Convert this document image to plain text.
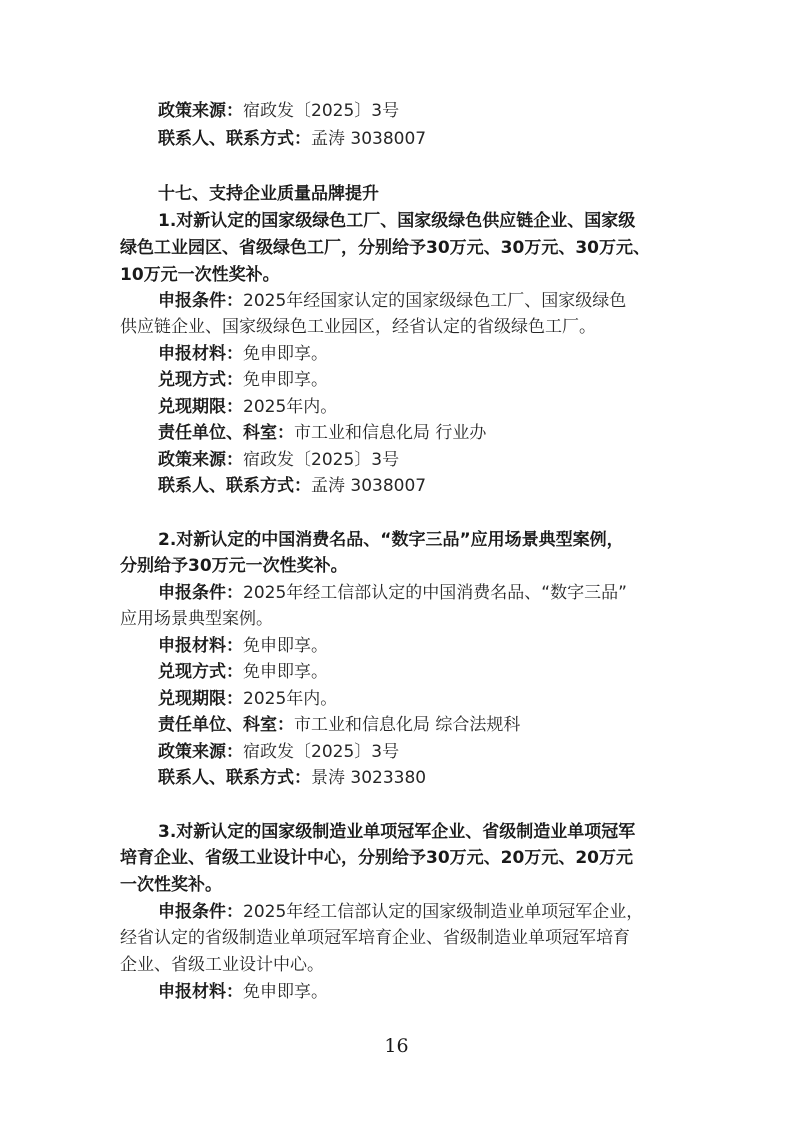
政策来源：宿政发〔2025〕3号
联系人、联系方式：孟涛 3038007
十七、支持企业质量品牌提升
1.对新认定的国家级绿色工厂、国家级绿色供应链企业、国家级
绿色工业园区、省级绿色工厂，分别给予30万元、30万元、30万元、
10万元一次性奖补。
申报条件：2025年经国家认定的国家级绿色工厂、国家级绿色
供应链企业、国家级绿色工业园区，经省认定的省级绿色工厂。
申报材料：免申即享。
兑现方式：免申即享。
兑现期限：2025年内。
责任单位、科室：市工业和信息化局 行业办
政策来源：宿政发〔2025〕3号
联系人、联系方式：孟涛 3038007
2.对新认定的中国消费名品、“数字三品”应用场景典型案例，
分别给予30万元一次性奖补。
申报条件：2025年经工信部认定的中国消费名品、“数字三品”
应用场景典型案例。
申报材料：免申即享。
兑现方式：免申即享。
兑现期限：2025年内。
责任单位、科室：市工业和信息化局 综合法规科
政策来源：宿政发〔2025〕3号
联系人、联系方式：景涛 3023380
3.对新认定的国家级制造业单项冠军企业、省级制造业单项冠军
培育企业、省级工业设计中心，分别给予30万元、20万元、20万元
一次性奖补。
申报条件：2025年经工信部认定的国家级制造业单项冠军企业，
经省认定的省级制造业单项冠军培育企业、省级制造业单项冠军培育
企业、省级工业设计中心。
申报材料：免申即享。
16
